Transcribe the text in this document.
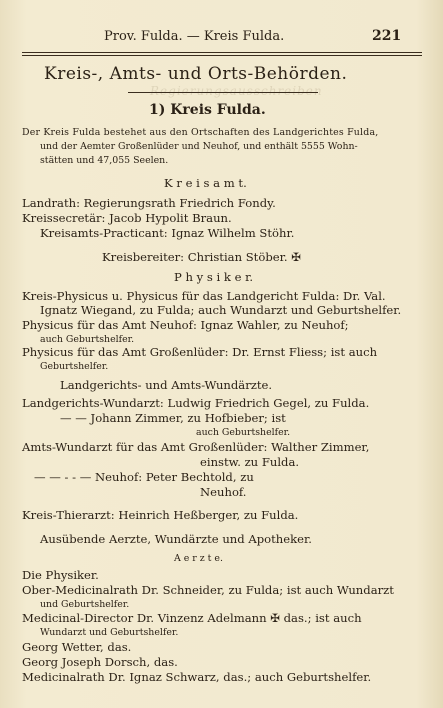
Regierungsausschreiben
Prov. Fulda. — Kreis Fulda.	221
Kreis-, Amts- und Orts-Behörden.
1) Kreis Fulda.
Der Kreis Fulda bestehet aus den Ortschaften des Landgerichtes Fulda,
und der Aemter Großenlüder und Neuhof, und enthält 5555 Wohn-
stätten und 47,055 Seelen.
K r e i s a m t.
Landrath: Regierungsrath Friedrich Fondy.
Kreissecretär: Jacob Hypolit Braun.
Kreisamts-Practicant: Ignaz Wilhelm Stöhr.
Kreisbereiter: Christian Stöber. ✠
P h y s i k e r.
Kreis-Physicus u. Physicus für das Landgericht Fulda: Dr. Val.
Ignatz Wiegand, zu Fulda; auch Wundarzt und Geburtshelfer.
Physicus für das Amt Neuhof: Ignaz Wahler, zu Neuhof;
auch Geburtshelfer.
Physicus für das Amt Großenlüder: Dr. Ernst Fliess; ist auch
Geburtshelfer.
Landgerichts- und Amts-Wundärzte.
Landgerichts-Wundarzt: Ludwig Friedrich Gegel, zu Fulda.
— — Johann Zimmer, zu Hofbieber; ist
auch Geburtshelfer.
Amts-Wundarzt für das Amt Großenlüder: Walther Zimmer,
einstw. zu Fulda.
— — - - — Neuhof: Peter Bechtold, zu
Neuhof.
Kreis-Thierarzt: Heinrich Heßberger, zu Fulda.
Ausübende Aerzte, Wundärzte und Apotheker.
A e r z t e.
Die Physiker.
Ober-Medicinalrath Dr. Schneider, zu Fulda; ist auch Wundarzt
und Geburtshelfer.
Medicinal-Director Dr. Vinzenz Adelmann ✠ das.; ist auch
Wundarzt und Geburtshelfer.
Georg Wetter, das.
Georg Joseph Dorsch, das.
Medicinalrath Dr. Ignaz Schwarz, das.; auch Geburtshelfer.
